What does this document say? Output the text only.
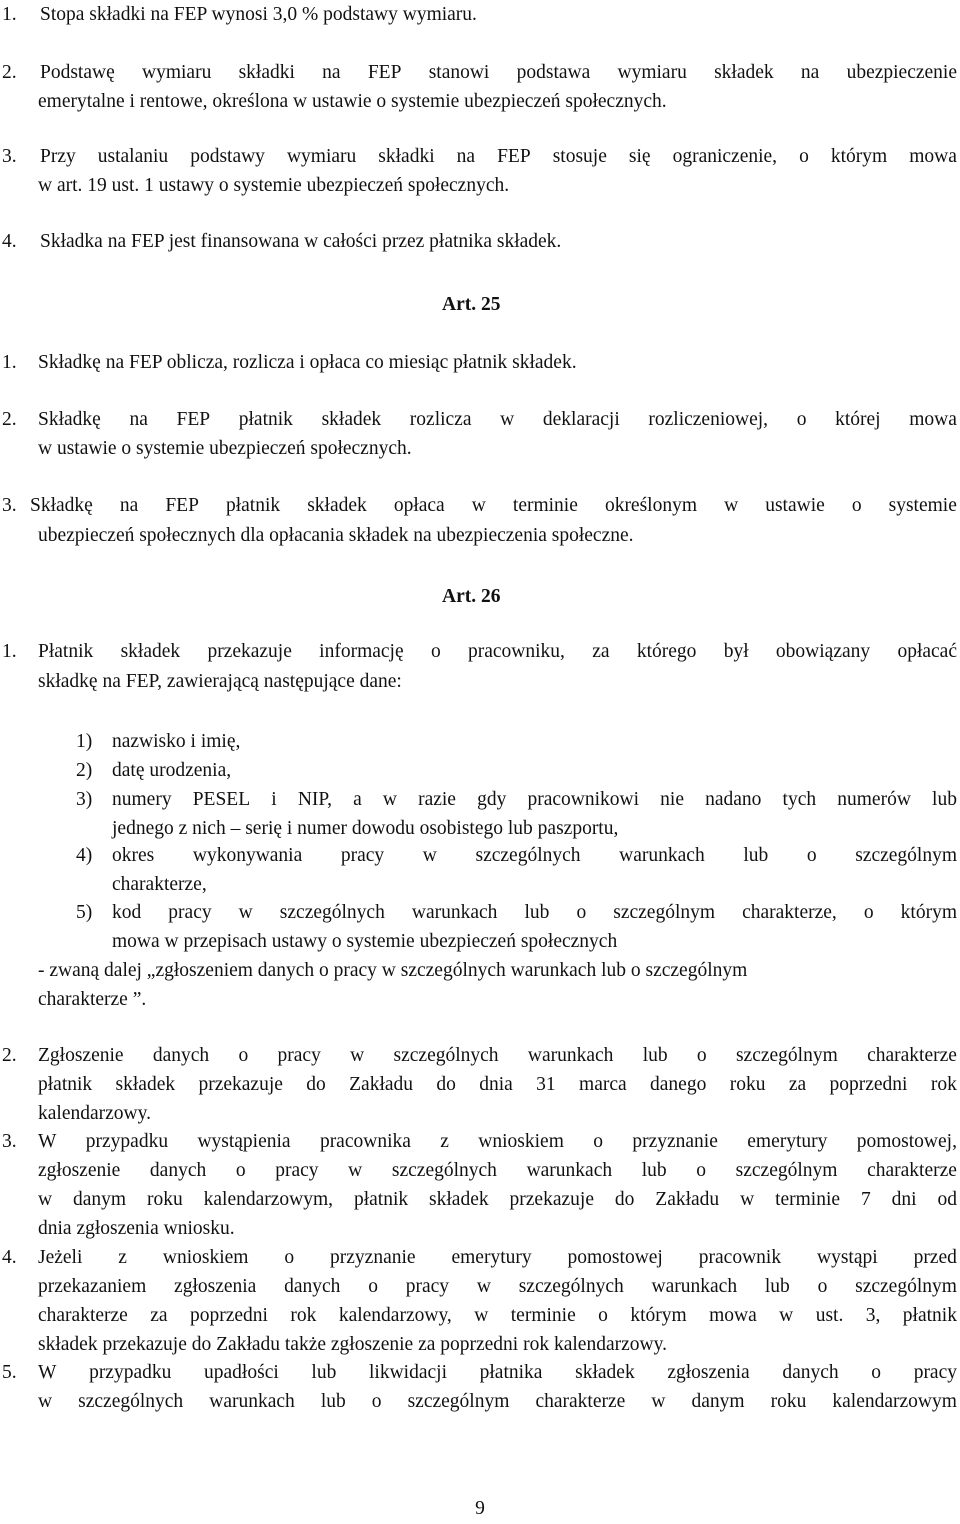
1. Stopa składki na FEP wynosi 3,0 % podstawy wymiaru.
2. Podstawę wymiaru składki na FEP stanowi podstawa wymiaru składek na ubezpieczenie
emerytalne i rentowe, określona w ustawie o systemie ubezpieczeń społecznych.
3. Przy ustalaniu podstawy wymiaru składki na FEP stosuje się ograniczenie, o którym mowa
w art. 19 ust. 1 ustawy o systemie ubezpieczeń społecznych.
4. Składka na FEP jest finansowana w całości przez płatnika składek.
Art. 25
1. Składkę na FEP oblicza, rozlicza i opłaca co miesiąc płatnik składek.
2. Składkę na FEP płatnik składek rozlicza w deklaracji rozliczeniowej, o której mowa
w ustawie o systemie ubezpieczeń społecznych.
3. Składkę na FEP płatnik składek opłaca w terminie określonym w ustawie o systemie
ubezpieczeń społecznych dla opłacania składek na ubezpieczenia społeczne.
Art. 26
1. Płatnik składek przekazuje informację o pracowniku, za którego był obowiązany opłacać
składkę na FEP, zawierającą następujące dane:
1) nazwisko i imię,
2) datę urodzenia,
3) numery PESEL i NIP, a w razie gdy pracownikowi nie nadano tych numerów lub
jednego z nich – serię i numer dowodu osobistego lub paszportu,
4) okres wykonywania pracy w szczególnych warunkach lub o szczególnym
charakterze,
5) kod pracy w szczególnych warunkach lub o szczególnym charakterze, o którym
mowa w przepisach ustawy o systemie ubezpieczeń społecznych
- zwaną dalej „zgłoszeniem danych o pracy w szczególnych warunkach lub o szczególnym
charakterze ”.
2. Zgłoszenie danych o pracy w szczególnych warunkach lub o szczególnym charakterze
płatnik składek przekazuje do Zakładu do dnia 31 marca danego roku za poprzedni rok
kalendarzowy.
3. W przypadku wystąpienia pracownika z wnioskiem o przyznanie emerytury pomostowej,
zgłoszenie danych o pracy w szczególnych warunkach lub o szczególnym charakterze
w danym roku kalendarzowym, płatnik składek przekazuje do Zakładu w terminie 7 dni od
dnia zgłoszenia wniosku.
4. Jeżeli z wnioskiem o przyznanie emerytury pomostowej pracownik wystąpi przed
przekazaniem zgłoszenia danych o pracy w szczególnych warunkach lub o szczególnym
charakterze za poprzedni rok kalendarzowy, w terminie o którym mowa w ust. 3, płatnik
składek przekazuje do Zakładu także zgłoszenie za poprzedni rok kalendarzowy.
5. W przypadku upadłości lub likwidacji płatnika składek zgłoszenia danych o pracy
w szczególnych warunkach lub o szczególnym charakterze w danym roku kalendarzowym
9
